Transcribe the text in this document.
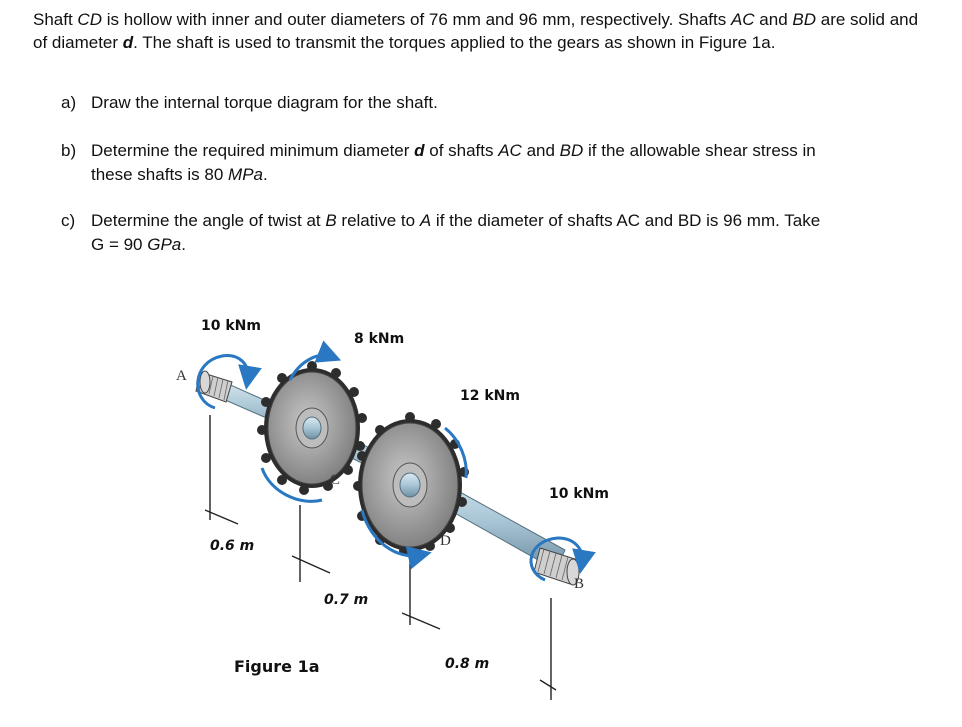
Shaft CD is hollow with inner and outer diameters of 76 mm and 96 mm, respectively. Shafts AC and BD are solid and of diameter d. The shaft is used to transmit the torques applied to the gears as shown in Figure 1a.
a) Draw the internal torque diagram for the shaft.
b) Determine the required minimum diameter d of shafts AC and BD if the allowable shear stress in
these shafts is 80 MPa.
c) Determine the angle of twist at B relative to A if the diameter of shafts AC and BD is 96 mm. Take
G = 90 GPa.
10 kNm
8 kNm
12 kNm
10 kNm
0.6 m
0.7 m
0.8 m
A
C
D
B
Figure 1a
